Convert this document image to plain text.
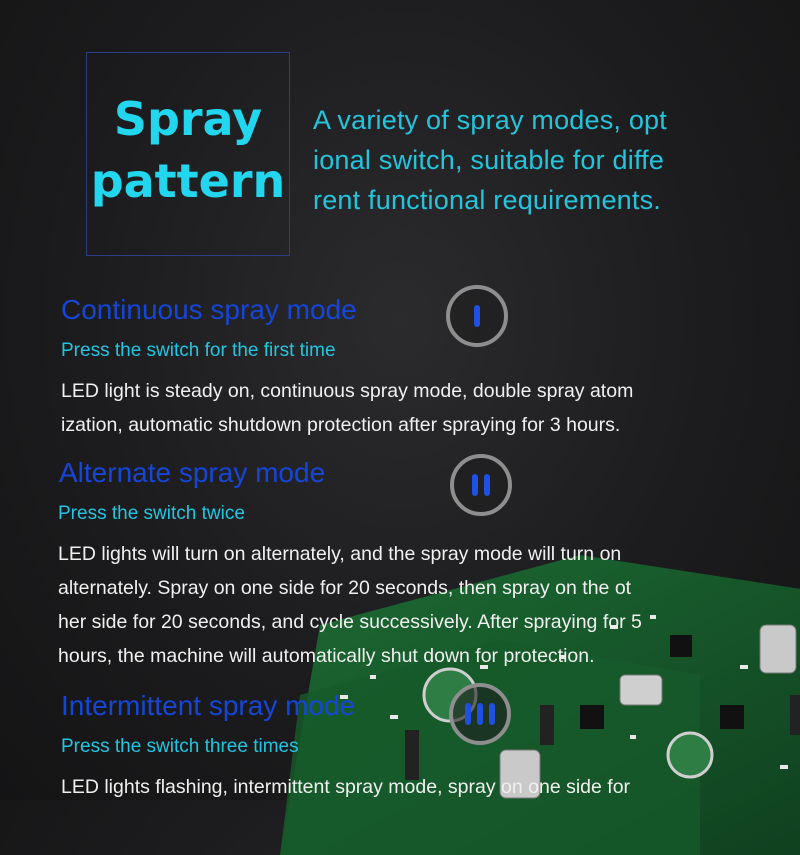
Spray
pattern
A variety of spray modes, opt
ional switch, suitable for diffe
rent functional requirements.
Continuous spray mode
Press the switch for the first time
LED light is steady on, continuous spray mode, double spray atom
ization, automatic shutdown protection after spraying for 3 hours.
Alternate spray mode
Press the switch twice
LED lights will turn on alternately, and the spray mode will turn on
alternately. Spray on one side for 20 seconds, then spray on the ot
her side for 20 seconds, and cycle successively. After spraying for 5
hours, the machine will automatically shut down for protection.
Intermittent spray mode
Press the switch three times
LED lights flashing, intermittent spray mode, spray on one side for
